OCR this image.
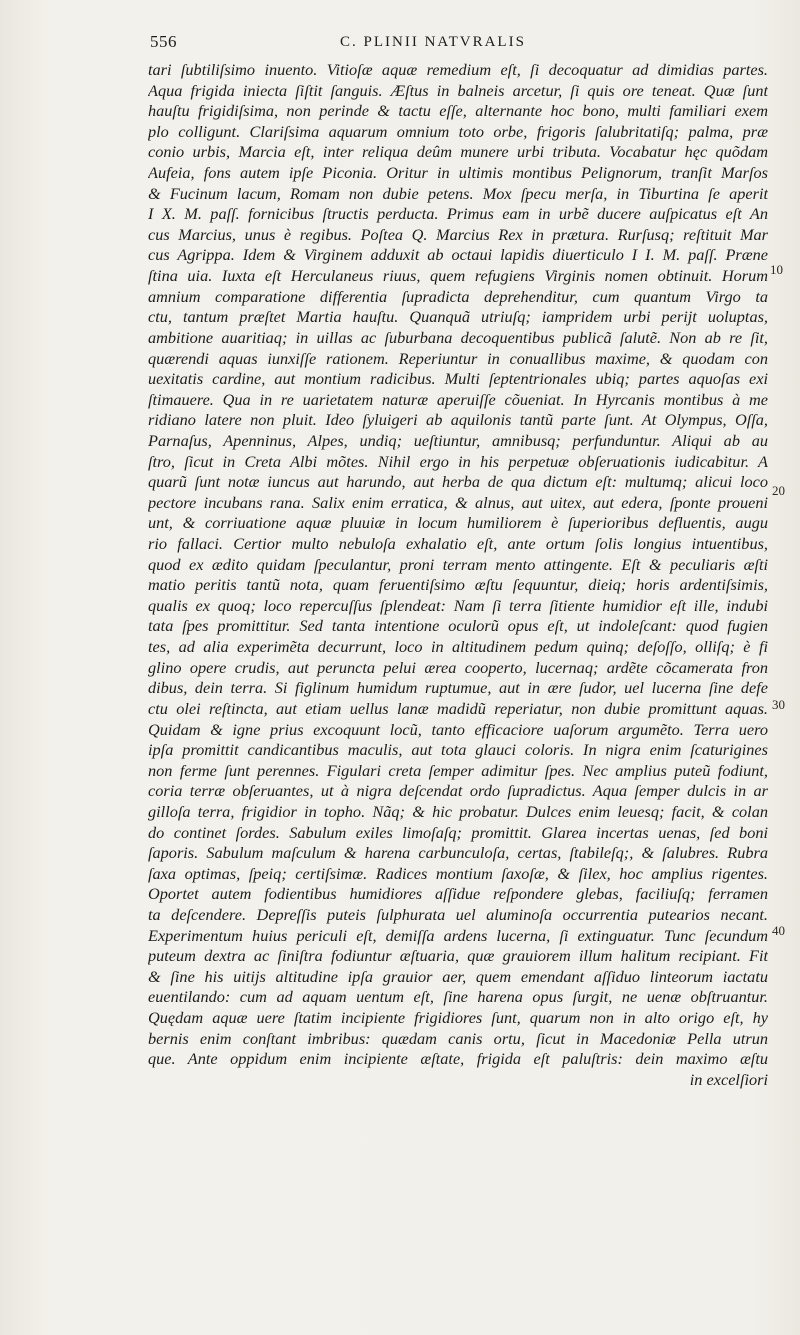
556	C. PLINII NATVRALIS
tari ſubtiliſsimo inuento. Vitioſæ aquæ remedium eſt, ſi decoquatur ad dimidias partes.
Aqua frigida iniecta ſiſtit ſanguis. Æſtus in balneis arcetur, ſi quis ore teneat. Quæ ſunt
hauſtu frigidiſsima, non perinde & tactu eſſe, alternante hoc bono, multi familiari exem
plo colligunt. Clariſsima aquarum omnium toto orbe, frigoris ſalubritatiſq; palma, præ
conio urbis, Marcia eſt, inter reliqua deûm munere urbi tributa. Vocabatur hęc quõdam
Aufeia, fons autem ipſe Piconia. Oritur in ultimis montibus Pelignorum, tranſit Marſos
& Fucinum lacum, Romam non dubie petens. Mox ſpecu merſa, in Tiburtina ſe aperit
I X. M. paſſ. fornicibus ſtructis perducta. Primus eam in urbẽ ducere auſpicatus eſt An
cus Marcius, unus è regibus. Poſtea Q. Marcius Rex in prætura. Rurſusq; reſtituit Mar
cus Agrippa. Idem & Virginem adduxit ab octaui lapidis diuerticulo I I. M. paſſ. Præne
ſtina uia. Iuxta eſt Herculaneus riuus, quem refugiens Virginis nomen obtinuit. Horum
amnium comparatione differentia ſupradicta deprehenditur, cum quantum Virgo ta
ctu, tantum præſtet Martia hauſtu. Quanquã utriuſq; iampridem urbi perijt uoluptas,
ambitione auaritiaq; in uillas ac ſuburbana decoquentibus publicã ſalutẽ. Non ab re ſit,
quærendi aquas iunxiſſe rationem. Reperiuntur in conuallibus maxime, & quodam con
uexitatis cardine, aut montium radicibus. Multi ſeptentrionales ubiq; partes aquoſas exi
ſtimauere. Qua in re uarietatem naturæ aperuiſſe cõueniat. In Hyrcanis montibus à me
ridiano latere non pluit. Ideo ſyluigeri ab aquilonis tantũ parte ſunt. At Olympus, Oſſa,
Parnaſus, Apenninus, Alpes, undiq; ueſtiuntur, amnibusq; perfunduntur. Aliqui ab au
ſtro, ſicut in Creta Albi mõtes. Nihil ergo in his perpetuæ obſeruationis iudicabitur. A
quarũ ſunt notæ iuncus aut harundo, aut herba de qua dictum eſt: multumq; alicui loco
pectore incubans rana. Salix enim erratica, & alnus, aut uitex, aut edera, ſponte proueni
unt, & corriuatione aquæ pluuiæ in locum humiliorem è ſuperioribus defluentis, augu
rio fallaci. Certior multo nebuloſa exhalatio eſt, ante ortum ſolis longius intuentibus,
quod ex ædito quidam ſpeculantur, proni terram mento attingente. Eſt & peculiaris æſti
matio peritis tantũ nota, quam feruentiſsimo æſtu ſequuntur, dieiq; horis ardentiſsimis,
qualis ex quoq; loco repercuſſus ſplendeat: Nam ſi terra ſitiente humidior eſt ille, indubi
tata ſpes promittitur. Sed tanta intentione oculorũ opus eſt, ut indoleſcant: quod fugien
tes, ad alia experimẽta decurrunt, loco in altitudinem pedum quinq; deſoſſo, olliſq; è fi
glino opere crudis, aut peruncta pelui ærea cooperto, lucernaq; ardẽte cõcamerata fron
dibus, dein terra. Si figlinum humidum ruptumue, aut in ære ſudor, uel lucerna ſine defe
ctu olei reſtincta, aut etiam uellus lanæ madidũ reperiatur, non dubie promittunt aquas.
Quidam & igne prius excoquunt locũ, tanto efficaciore uaſorum argumẽto. Terra uero
ipſa promittit candicantibus maculis, aut tota glauci coloris. In nigra enim ſcaturigines
non ferme ſunt perennes. Figulari creta ſemper adimitur ſpes. Nec amplius puteũ fodiunt,
coria terræ obſeruantes, ut à nigra deſcendat ordo ſupradictus. Aqua ſemper dulcis in ar
gilloſa terra, frigidior in topho. Nãq; & hic probatur. Dulces enim leuesq; facit, & colan
do continet ſordes. Sabulum exiles limoſaſq; promittit. Glarea incertas uenas, ſed boni
ſaporis. Sabulum maſculum & harena carbunculoſa, certas, ſtabileſq;, & ſalubres. Rubra
ſaxa optimas, ſpeiq; certiſsimæ. Radices montium ſaxoſæ, & ſilex, hoc amplius rigentes.
Oportet autem fodientibus humidiores aſſidue reſpondere glebas, faciliuſq; ferramen
ta deſcendere. Depreſſis puteis ſulphurata uel aluminoſa occurrentia putearios necant.
Experimentum huius periculi eſt, demiſſa ardens lucerna, ſi extinguatur. Tunc ſecundum
puteum dextra ac ſiniſtra fodiuntur æſtuaria, quæ grauiorem illum halitum recipiant. Fit
& ſine his uitijs altitudine ipſa grauior aer, quem emendant aſſiduo linteorum iactatu
euentilando: cum ad aquam uentum eſt, ſine harena opus ſurgit, ne uenæ obſtruantur.
Quędam aquæ uere ſtatim incipiente frigidiores ſunt, quarum non in alto origo eſt, hy
bernis enim conſtant imbribus: quædam canis ortu, ſicut in Macedoniæ Pella utrun
que. Ante oppidum enim incipiente æſtate, frigida eſt paluſtris: dein maximo æſtu
in excelſiori
10
20
30
40
